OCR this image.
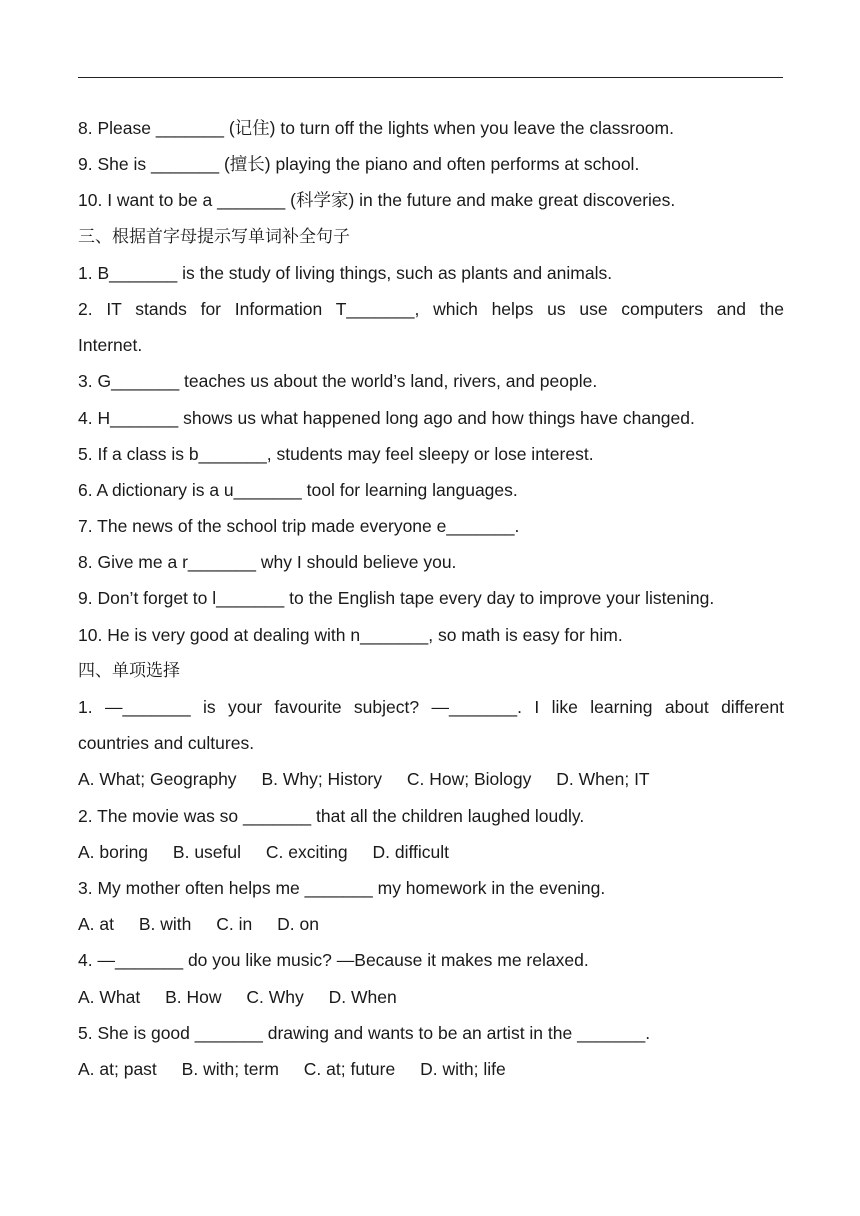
8. Please _______ (记住) to turn off the lights when you leave the classroom.
9. She is _______ (擅长) playing the piano and often performs at school.
10. I want to be a _______ (科学家) in the future and make great discoveries.
三、根据首字母提示写单词补全句子
1. B_______ is the study of living things, such as plants and animals.
2. IT stands for Information T_______, which helps us use computers and the
Internet.
3. G_______ teaches us about the world’s land, rivers, and people.
4. H_______ shows us what happened long ago and how things have changed.
5. If a class is b_______, students may feel sleepy or lose interest.
6. A dictionary is a u_______ tool for learning languages.
7. The news of the school trip made everyone e_______.
8. Give me a r_______ why I should believe you.
9. Don’t forget to l_______ to the English tape every day to improve your listening.
10. He is very good at dealing with n_______, so math is easy for him.
四、单项选择
1. —_______ is your favourite subject? —_______. I like learning about different
countries and cultures.
A. What; Geography B. Why; History C. How; Biology D. When; IT
2. The movie was so _______ that all the children laughed loudly.
A. boring B. useful C. exciting D. difficult
3. My mother often helps me _______ my homework in the evening.
A. at B. with C. in D. on
4. —_______ do you like music? —Because it makes me relaxed.
A. What B. How C. Why D. When
5. She is good _______ drawing and wants to be an artist in the _______.
A. at; past B. with; term C. at; future D. with; life
